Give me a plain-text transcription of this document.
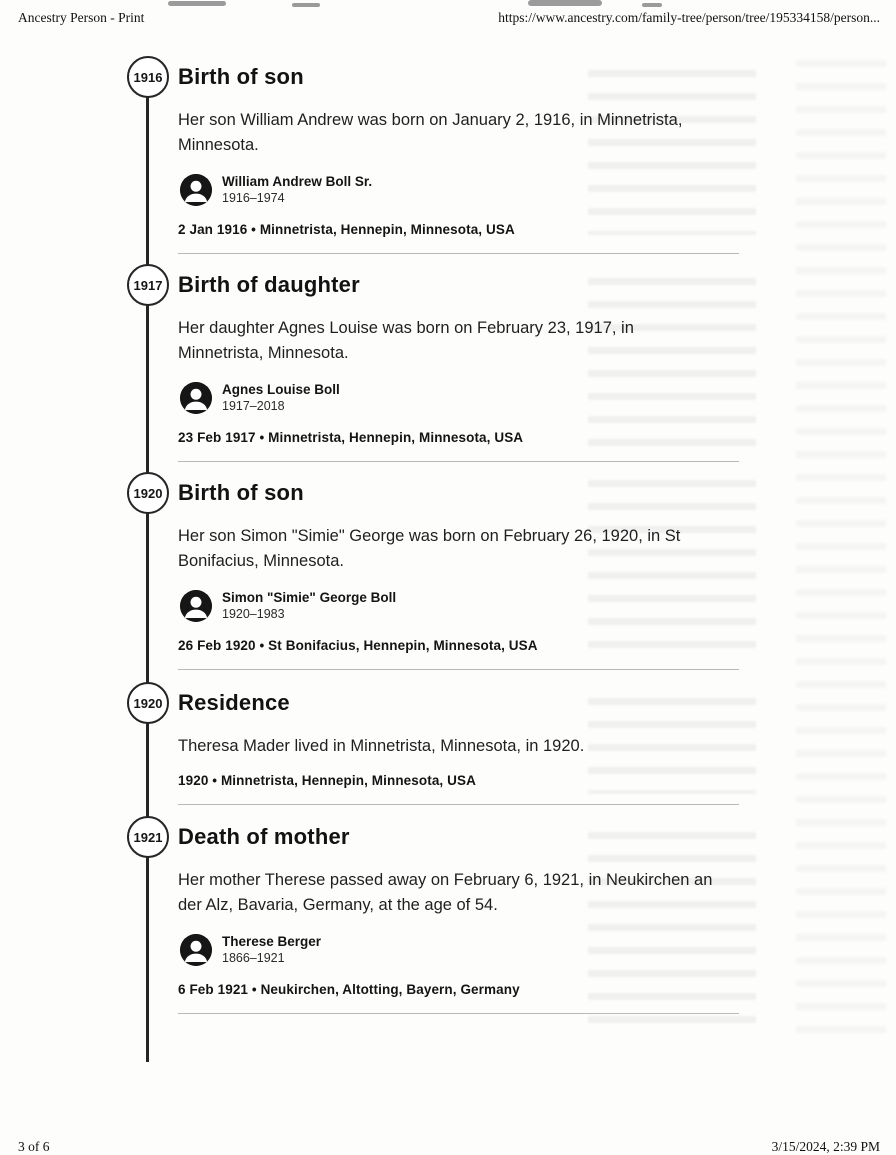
Ancestry Person - Print	https://www.ancestry.com/family-tree/person/tree/195334158/person...
1916 Birth of son

Her son William Andrew was born on January 2, 1916, in Minnetrista, Minnesota.

William Andrew Boll Sr.
1916–1974
2 Jan 1916 • Minnetrista, Hennepin, Minnesota, USA
1917 Birth of daughter

Her daughter Agnes Louise was born on February 23, 1917, in Minnetrista, Minnesota.

Agnes Louise Boll
1917–2018
23 Feb 1917 • Minnetrista, Hennepin, Minnesota, USA
1920 Birth of son

Her son Simon "Simie" George was born on February 26, 1920, in St Bonifacius, Minnesota.

Simon "Simie" George Boll
1920–1983
26 Feb 1920 • St Bonifacius, Hennepin, Minnesota, USA
1920 Residence

Theresa Mader lived in Minnetrista, Minnesota, in 1920.

1920 • Minnetrista, Hennepin, Minnesota, USA
1921 Death of mother

Her mother Therese passed away on February 6, 1921, in Neukirchen an der Alz, Bavaria, Germany, at the age of 54.

Therese Berger
1866–1921
6 Feb 1921 • Neukirchen, Altotting, Bayern, Germany
3 of 6	3/15/2024, 2:39 PM
